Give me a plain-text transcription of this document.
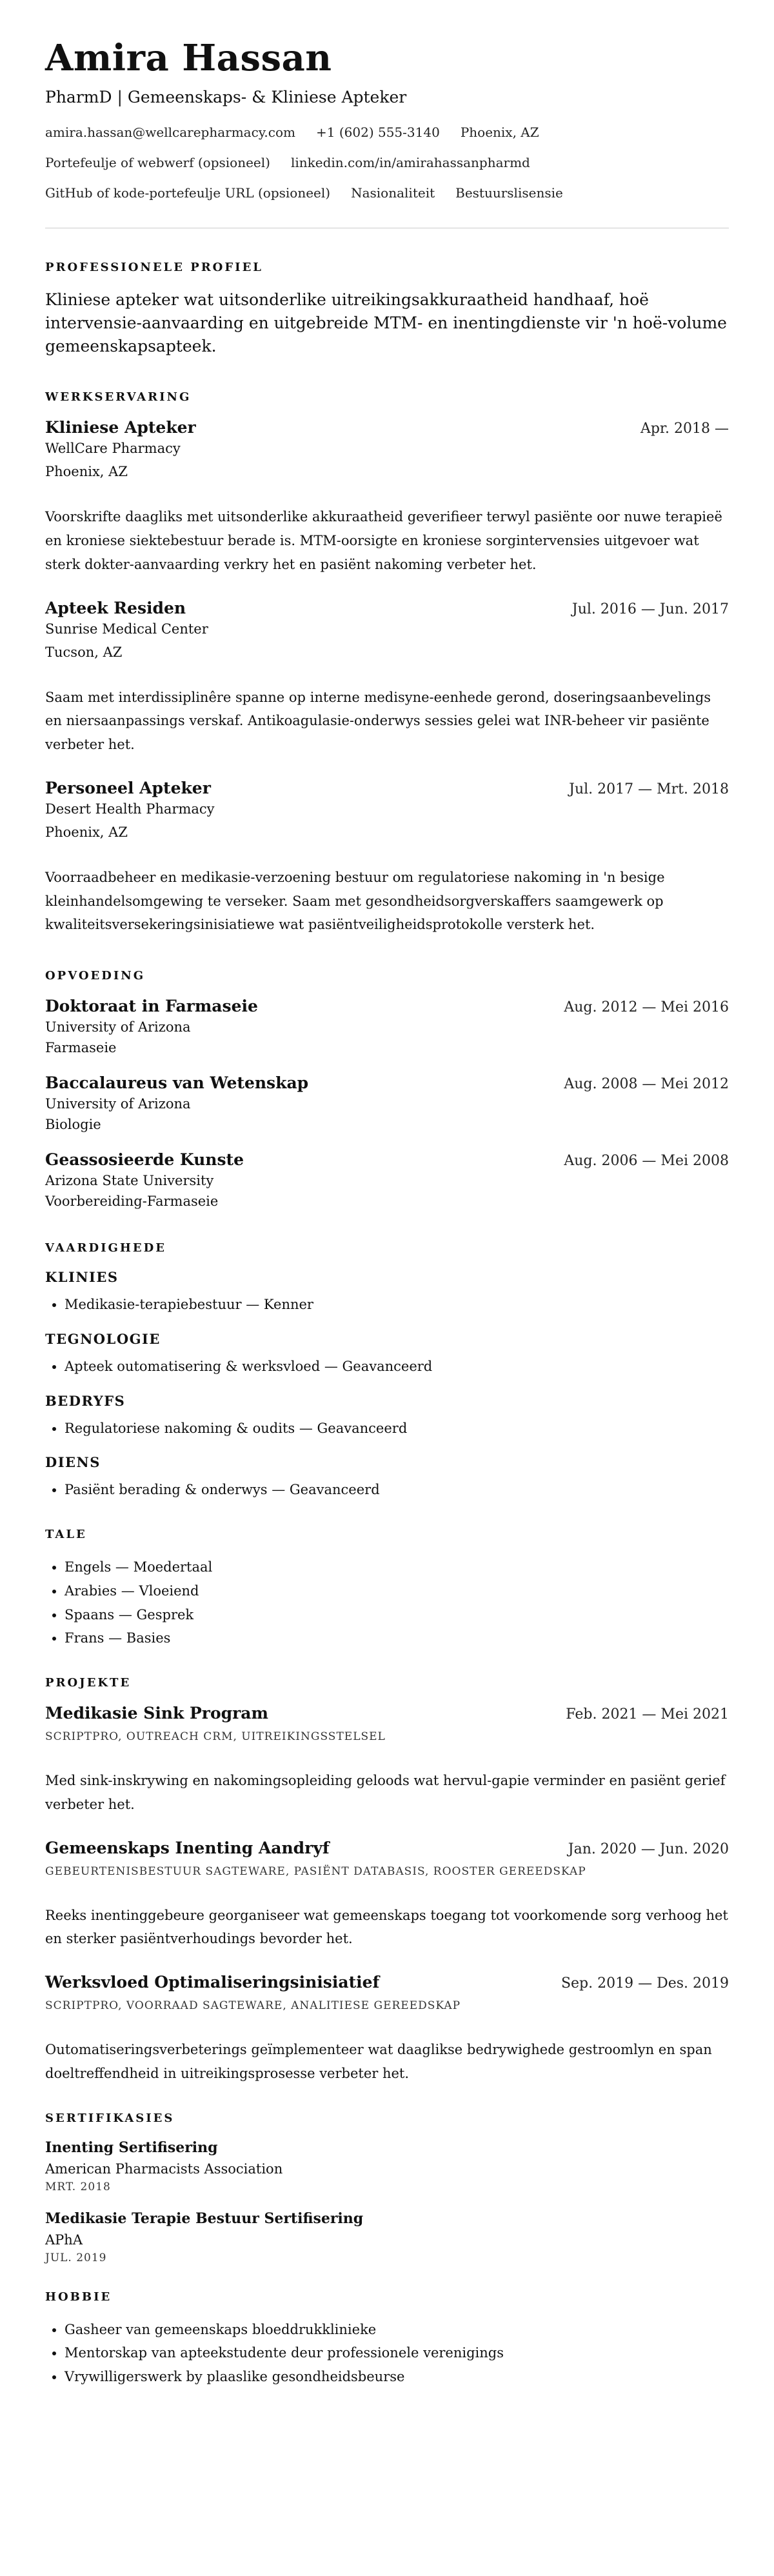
Amira Hassan
PharmD | Gemeenskaps- & Kliniese Apteker
amira.hassan@wellcarepharmacy.com +1 (602) 555-3140 Phoenix, AZ
Portefeulje of webwerf (opsioneel) linkedin.com/in/amirahassanpharmd
GitHub of kode-portefeulje URL (opsioneel) Nasionaliteit Bestuurslisensie
PROFESSIONELE PROFIEL
Kliniese apteker wat uitsonderlike uitreikingsakkuraatheid handhaaf, hoë intervensie-aanvaarding en uitgebreide MTM- en inentingdienste vir 'n hoë-volume gemeenskapsapteek.
WERKSERVARING
Kliniese Apteker	Apr. 2018 —
WellCare Pharmacy
Phoenix, AZ
Voorskrifte daagliks met uitsonderlike akkuraatheid geverifieer terwyl pasiënte oor nuwe terapieë en kroniese siektebestuur berade is. MTM-oorsigte en kroniese sorgintervensies uitgevoer wat sterk dokter-aanvaarding verkry het en pasiënt nakoming verbeter het.
Apteek Residen	Jul. 2016 — Jun. 2017
Sunrise Medical Center
Tucson, AZ
Saam met interdissiplinêre spanne op interne medisyne-eenhede gerond, doseringsaanbevelings en niersaanpassings verskaf. Antikoagulasie-onderwys sessies gelei wat INR-beheer vir pasiënte verbeter het.
Personeel Apteker	Jul. 2017 — Mrt. 2018
Desert Health Pharmacy
Phoenix, AZ
Voorraadbeheer en medikasie-verzoening bestuur om regulatoriese nakoming in 'n besige kleinhandelsomgewing te verseker. Saam met gesondheidsorgverskaffers saamgewerk op kwaliteitsversekeringsinisiatiewe wat pasiëntveiligheidsprotokolle versterk het.
OPVOEDING
Doktoraat in Farmaseie	Aug. 2012 — Mei 2016
University of Arizona
Farmaseie
Baccalaureus van Wetenskap	Aug. 2008 — Mei 2012
University of Arizona
Biologie
Geassosieerde Kunste	Aug. 2006 — Mei 2008
Arizona State University
Voorbereiding-Farmaseie
VAARDIGHEDE
KLINIES
• Medikasie-terapiebestuur — Kenner
TEGNOLOGIE
• Apteek outomatisering & werksvloed — Geavanceerd
BEDRYFS
• Regulatoriese nakoming & oudits — Geavanceerd
DIENS
• Pasiënt berading & onderwys — Geavanceerd
TALE
• Engels — Moedertaal
• Arabies — Vloeiend
• Spaans — Gesprek
• Frans — Basies
PROJEKTE
Medikasie Sink Program	Feb. 2021 — Mei 2021
SCRIPTPRO, OUTREACH CRM, UITREIKINGSSTELSEL
Med sink-inskrywing en nakomingsopleiding geloods wat hervul-gapie verminder en pasiënt gerief verbeter het.
Gemeenskaps Inenting Aandryf	Jan. 2020 — Jun. 2020
GEBEURTENISBESTUUR SAGTEWARE, PASIËNT DATABASIS, ROOSTER GEREEDSKAP
Reeks inentinggebeure georganiseer wat gemeenskaps toegang tot voorkomende sorg verhoog het en sterker pasiëntverhoudings bevorder het.
Werksvloed Optimaliseringsinisiatief	Sep. 2019 — Des. 2019
SCRIPTPRO, VOORRAAD SAGTEWARE, ANALITIESE GEREEDSKAP
Outomatiseringsverbeterings geïmplementeer wat daaglikse bedrywighede gestroomlyn en span doeltreffendheid in uitreikingsprosesse verbeter het.
SERTIFIKASIES
Inenting Sertifisering
American Pharmacists Association
MRT. 2018
Medikasie Terapie Bestuur Sertifisering
APhA
JUL. 2019
HOBBIE
• Gasheer van gemeenskaps bloeddrukklinieke
• Mentorskap van apteekstudente deur professionele verenigings
• Vrywilligerswerk by plaaslike gesondheidsbeurse
